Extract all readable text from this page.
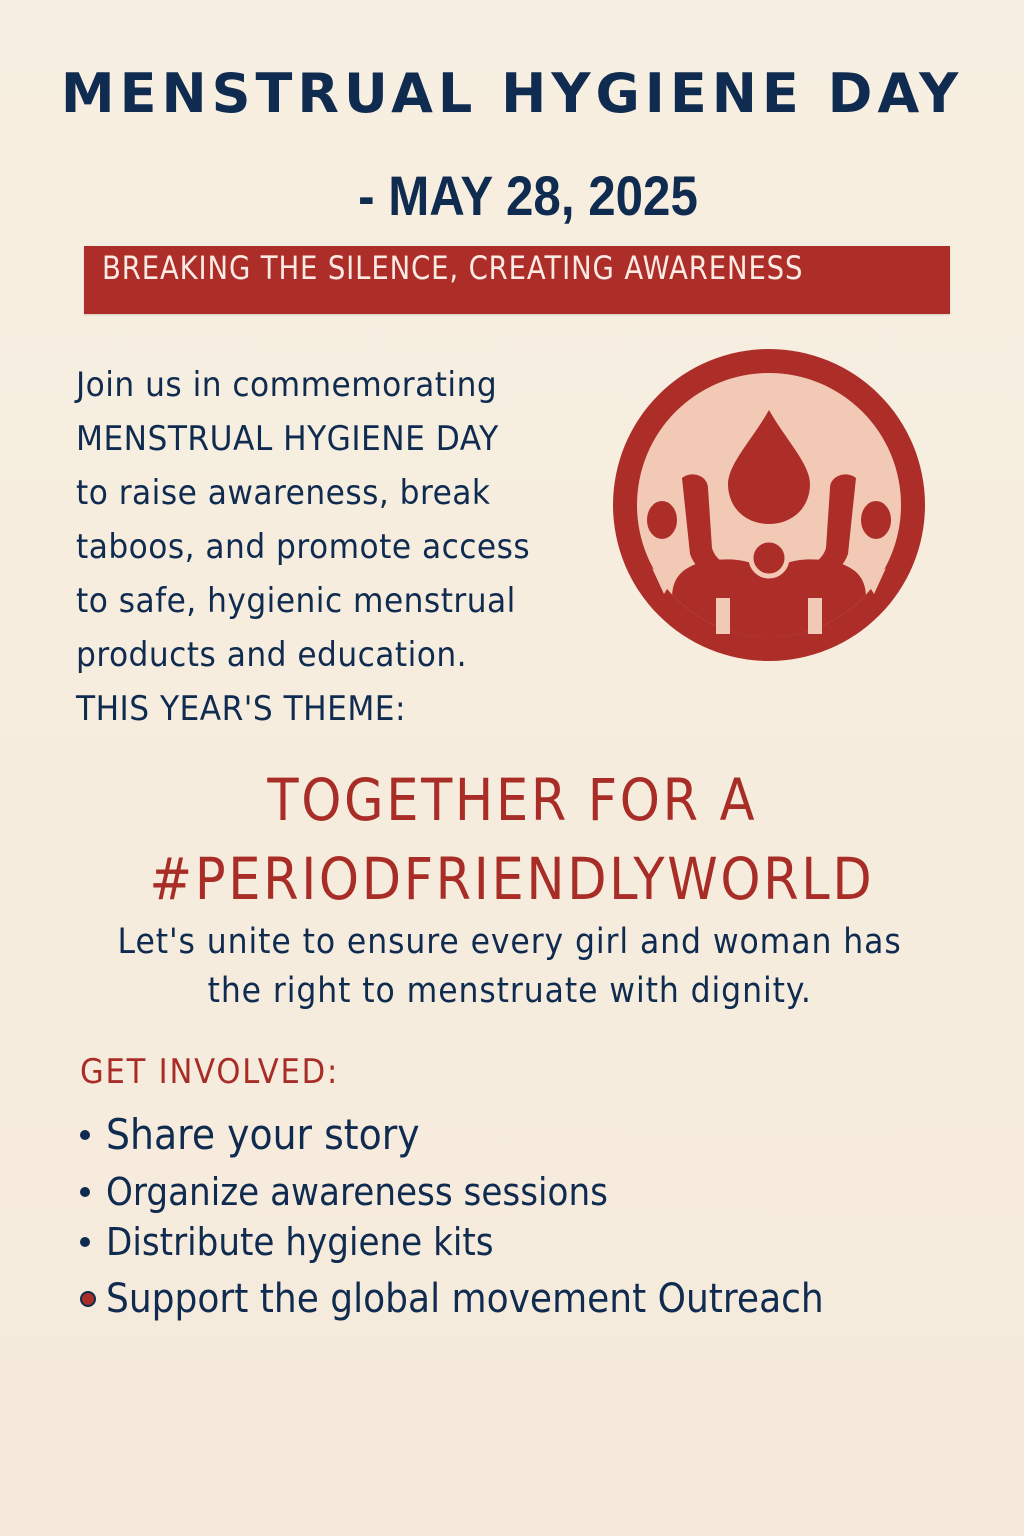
MENSTRUAL HYGIENE DAY
- MAY 28, 2025
BREAKING THE SILENCE, CREATING AWARENESS
Join us in commemorating
MENSTRUAL HYGIENE DAY
to raise awareness, break
taboos, and promote access
to safe, hygienic menstrual
products and education.
THIS YEAR'S THEME:
TOGETHER FOR A
#PERIODFRIENDLYWORLD
Let's unite to ensure every girl and woman has
the right to menstruate with dignity.
GET INVOLVED:
Share your story
Organize awareness sessions
Distribute hygiene kits
Support the global movement Outreach
